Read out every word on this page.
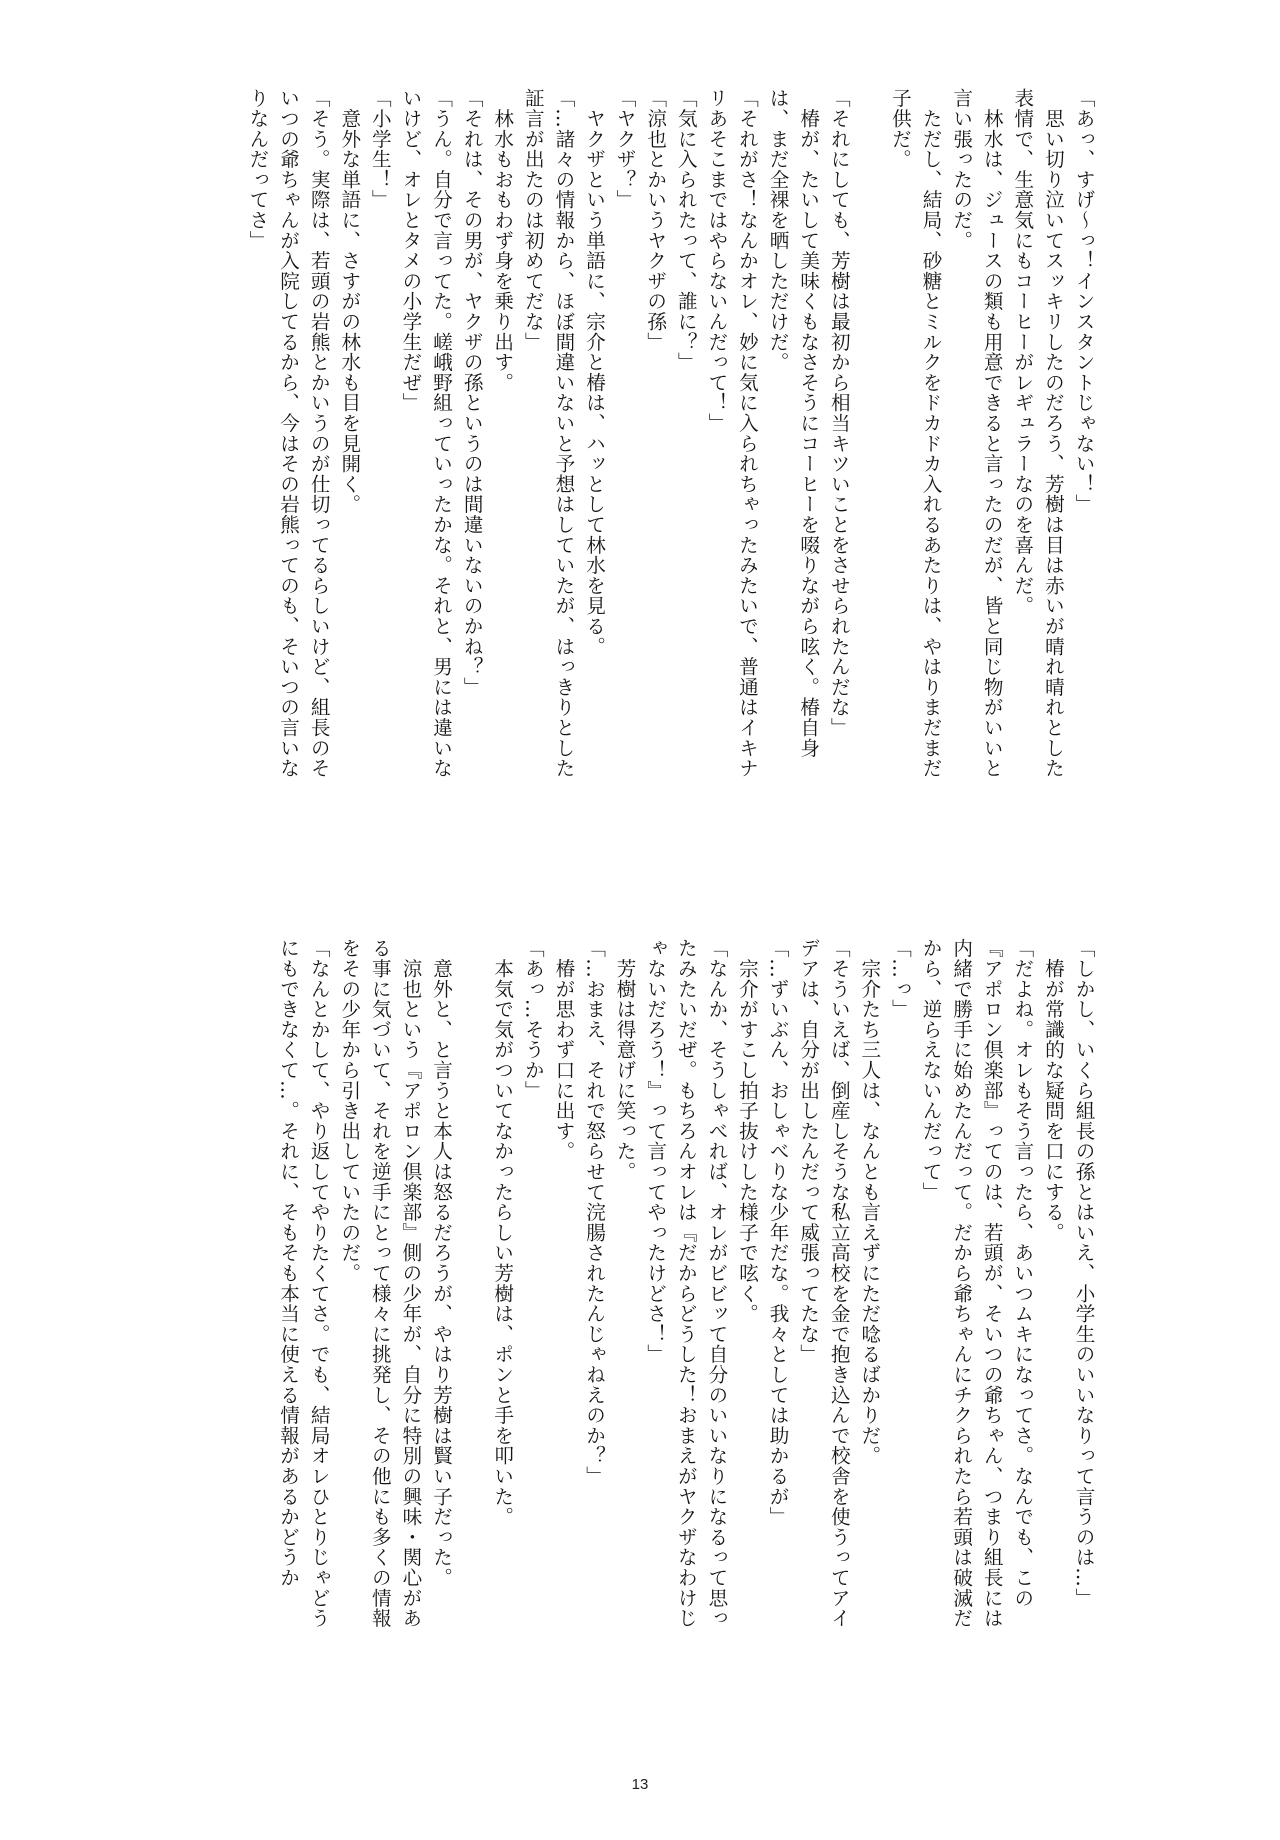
「あっ、すげ〜っ！インスタントじゃない！」
　思い切り泣いてスッキリしたのだろう、芳樹は目は赤いが晴れ晴れとした
表情で、生意気にもコーヒーがレギュラーなのを喜んだ。
　林水は、ジュースの類も用意できると言ったのだが、皆と同じ物がいいと
言い張ったのだ。
　ただし、結局、砂糖とミルクをドカドカ入れるあたりは、やはりまだまだ
子供だ。

「それにしても、芳樹は最初から相当キツいことをさせられたんだな」
　椿が、たいして美味くもなさそうにコーヒーを啜りながら呟く。椿自身
は、まだ全裸を晒しただけだ。
「それがさ！なんかオレ、妙に気に入られちゃったみたいで、普通はイキナ
リあそこまではやらないんだって！」
「気に入られたって、誰に？」
「涼也とかいうヤクザの孫」
「ヤクザ？」
　ヤクザという単語に、宗介と椿は、ハッとして林水を見る。
「…諸々の情報から、ほぼ間違いないと予想はしていたが、はっきりとした
証言が出たのは初めてだな」
　林水もおもわず身を乗り出す。
「それは、その男が、ヤクザの孫というのは間違いないのかね？」
「うん。自分で言ってた。嵯峨野組っていったかな。それと、男には違いな
いけど、オレとタメの小学生だぜ」
「小学生！」
　意外な単語に、さすがの林水も目を見開く。
「そう。実際は、若頭の岩熊とかいうのが仕切ってるらしいけど、組長のそ
いつの爺ちゃんが入院してるから、今はその岩熊ってのも、そいつの言いな
りなんだってさ」
「しかし、いくら組長の孫とはいえ、小学生のいいなりって言うのは…」
　椿が常識的な疑問を口にする。
「だよね。オレもそう言ったら、あいつムキになってさ。なんでも、この
『アポロン倶楽部』ってのは、若頭が、そいつの爺ちゃん、つまり組長には
内緒で勝手に始めたんだって。だから爺ちゃんにチクられたら若頭は破滅だ
から、逆らえないんだって」
「…っ」
　宗介たち三人は、なんとも言えずにただ唸るばかりだ。
「そういえば、倒産しそうな私立高校を金で抱き込んで校舎を使うってアイ
デアは、自分が出したんだって威張ってたな」
「…ずいぶん、おしゃべりな少年だな。我々としては助かるが」
　宗介がすこし拍子抜けした様子で呟く。
「なんか、そうしゃべれば、オレがビビッて自分のいいなりになるって思っ
たみたいだぜ。もちろんオレは『だからどうした！おまえがヤクザなわけじ
ゃないだろう！』って言ってやったけどさ！」
　芳樹は得意げに笑った。
「…おまえ、それで怒らせて浣腸されたんじゃねえのか？」
　椿が思わず口に出す。
「あっ…そうか」
　本気で気がついてなかったらしい芳樹は、ポンと手を叩いた。

　意外と、と言うと本人は怒るだろうが、やはり芳樹は賢い子だった。
　涼也という『アポロン倶楽部』側の少年が、自分に特別の興味・関心があ
る事に気づいて、それを逆手にとって様々に挑発し、その他にも多くの情報
をその少年から引き出していたのだ。
「なんとかして、やり返してやりたくてさ。でも、結局オレひとりじゃどう
にもできなくて…。それに、そもそも本当に使える情報があるかどうか
13
